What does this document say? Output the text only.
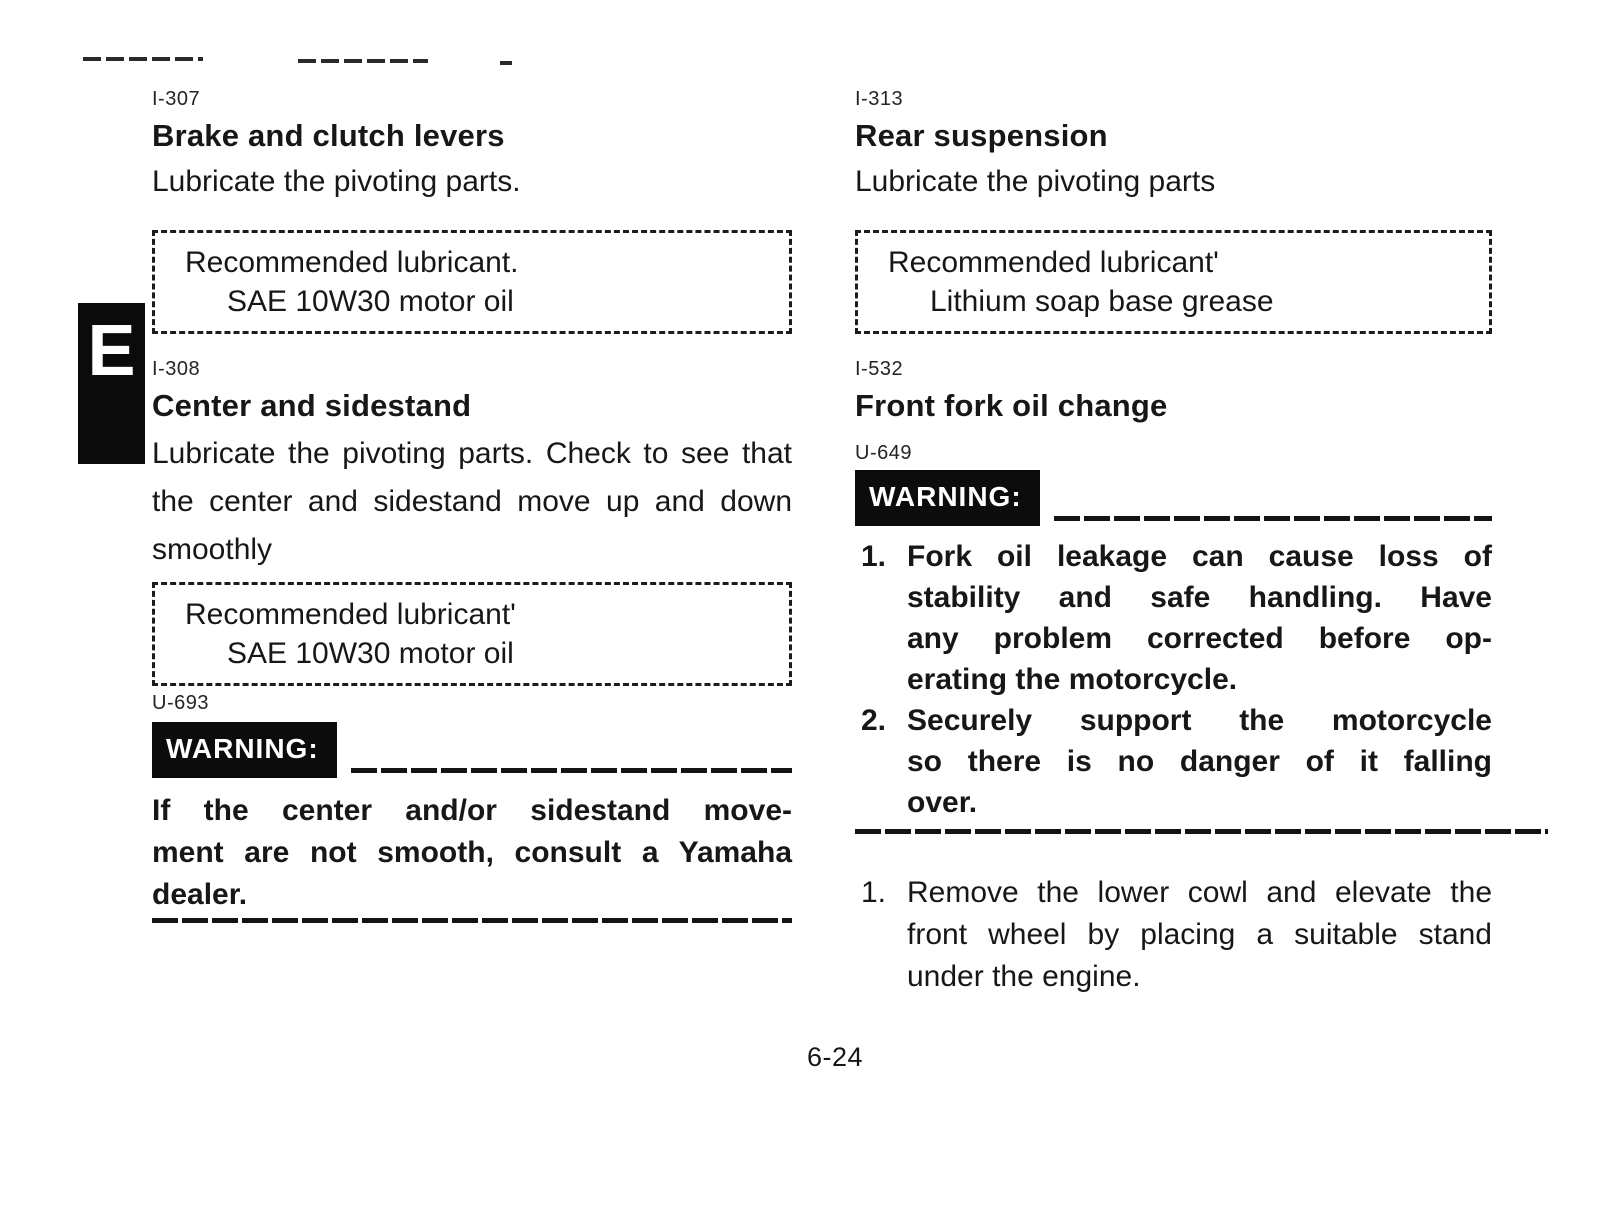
E
I-307
Brake and clutch levers
Lubricate the pivoting parts.
Recommended lubricant.
SAE 10W30 motor oil
I-308
Center and sidestand
Lubricate the pivoting parts. Check to see that
the center and sidestand move up and down
smoothly
Recommended lubricant'
SAE 10W30 motor oil
U-693
WARNING:
If the center and/or sidestand move-
ment are not smooth, consult a Yamaha
dealer.
I-313
Rear suspension
Lubricate the pivoting parts
Recommended lubricant'
Lithium soap base grease
I-532
Front fork oil change
U-649
WARNING:
1. Fork oil leakage can cause loss of
stability and safe handling. Have
any problem corrected before op-
erating the motorcycle.
2. Securely support the motorcycle
so there is no danger of it falling
over.
1. Remove the lower cowl and elevate the
front wheel by placing a suitable stand
under the engine.
6-24
